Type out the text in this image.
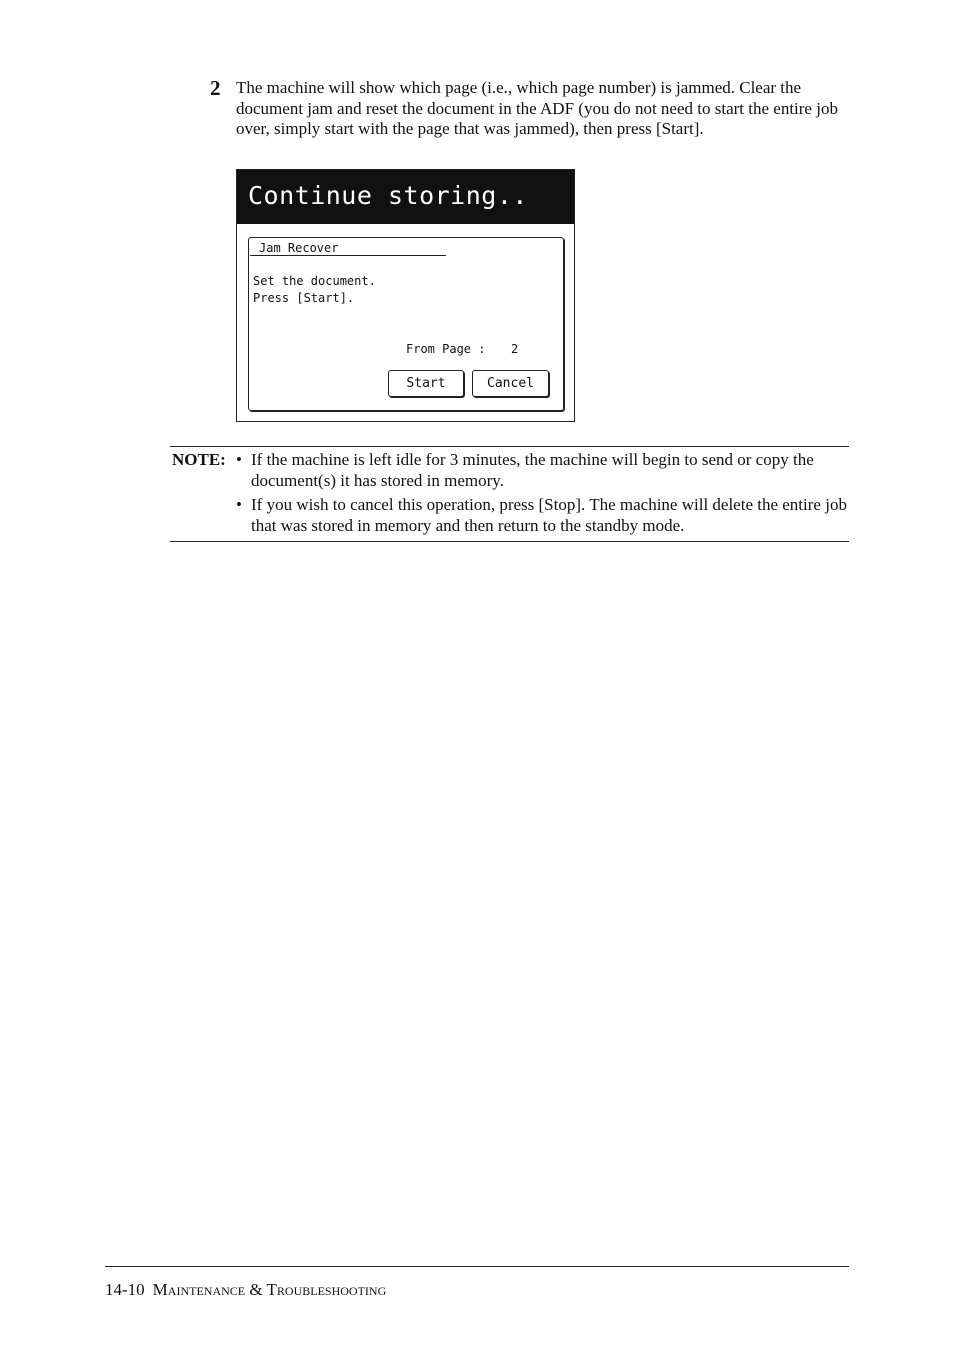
2 The machine will show which page (i.e., which page number) is jammed. Clear the document jam and reset the document in the ADF (you do not need to start the entire job over, simply start with the page that was jammed), then press [Start].
Continue storing..
Jam Recover
Set the document.
Press [Start].
From Page : 2
Start	Cancel
NOTE: • If the machine is left idle for 3 minutes, the machine will begin to send or copy the document(s) it has stored in memory.
• If you wish to cancel this operation, press [Stop]. The machine will delete the entire job that was stored in memory and then return to the standby mode.
14-10 Maintenance & Troubleshooting
